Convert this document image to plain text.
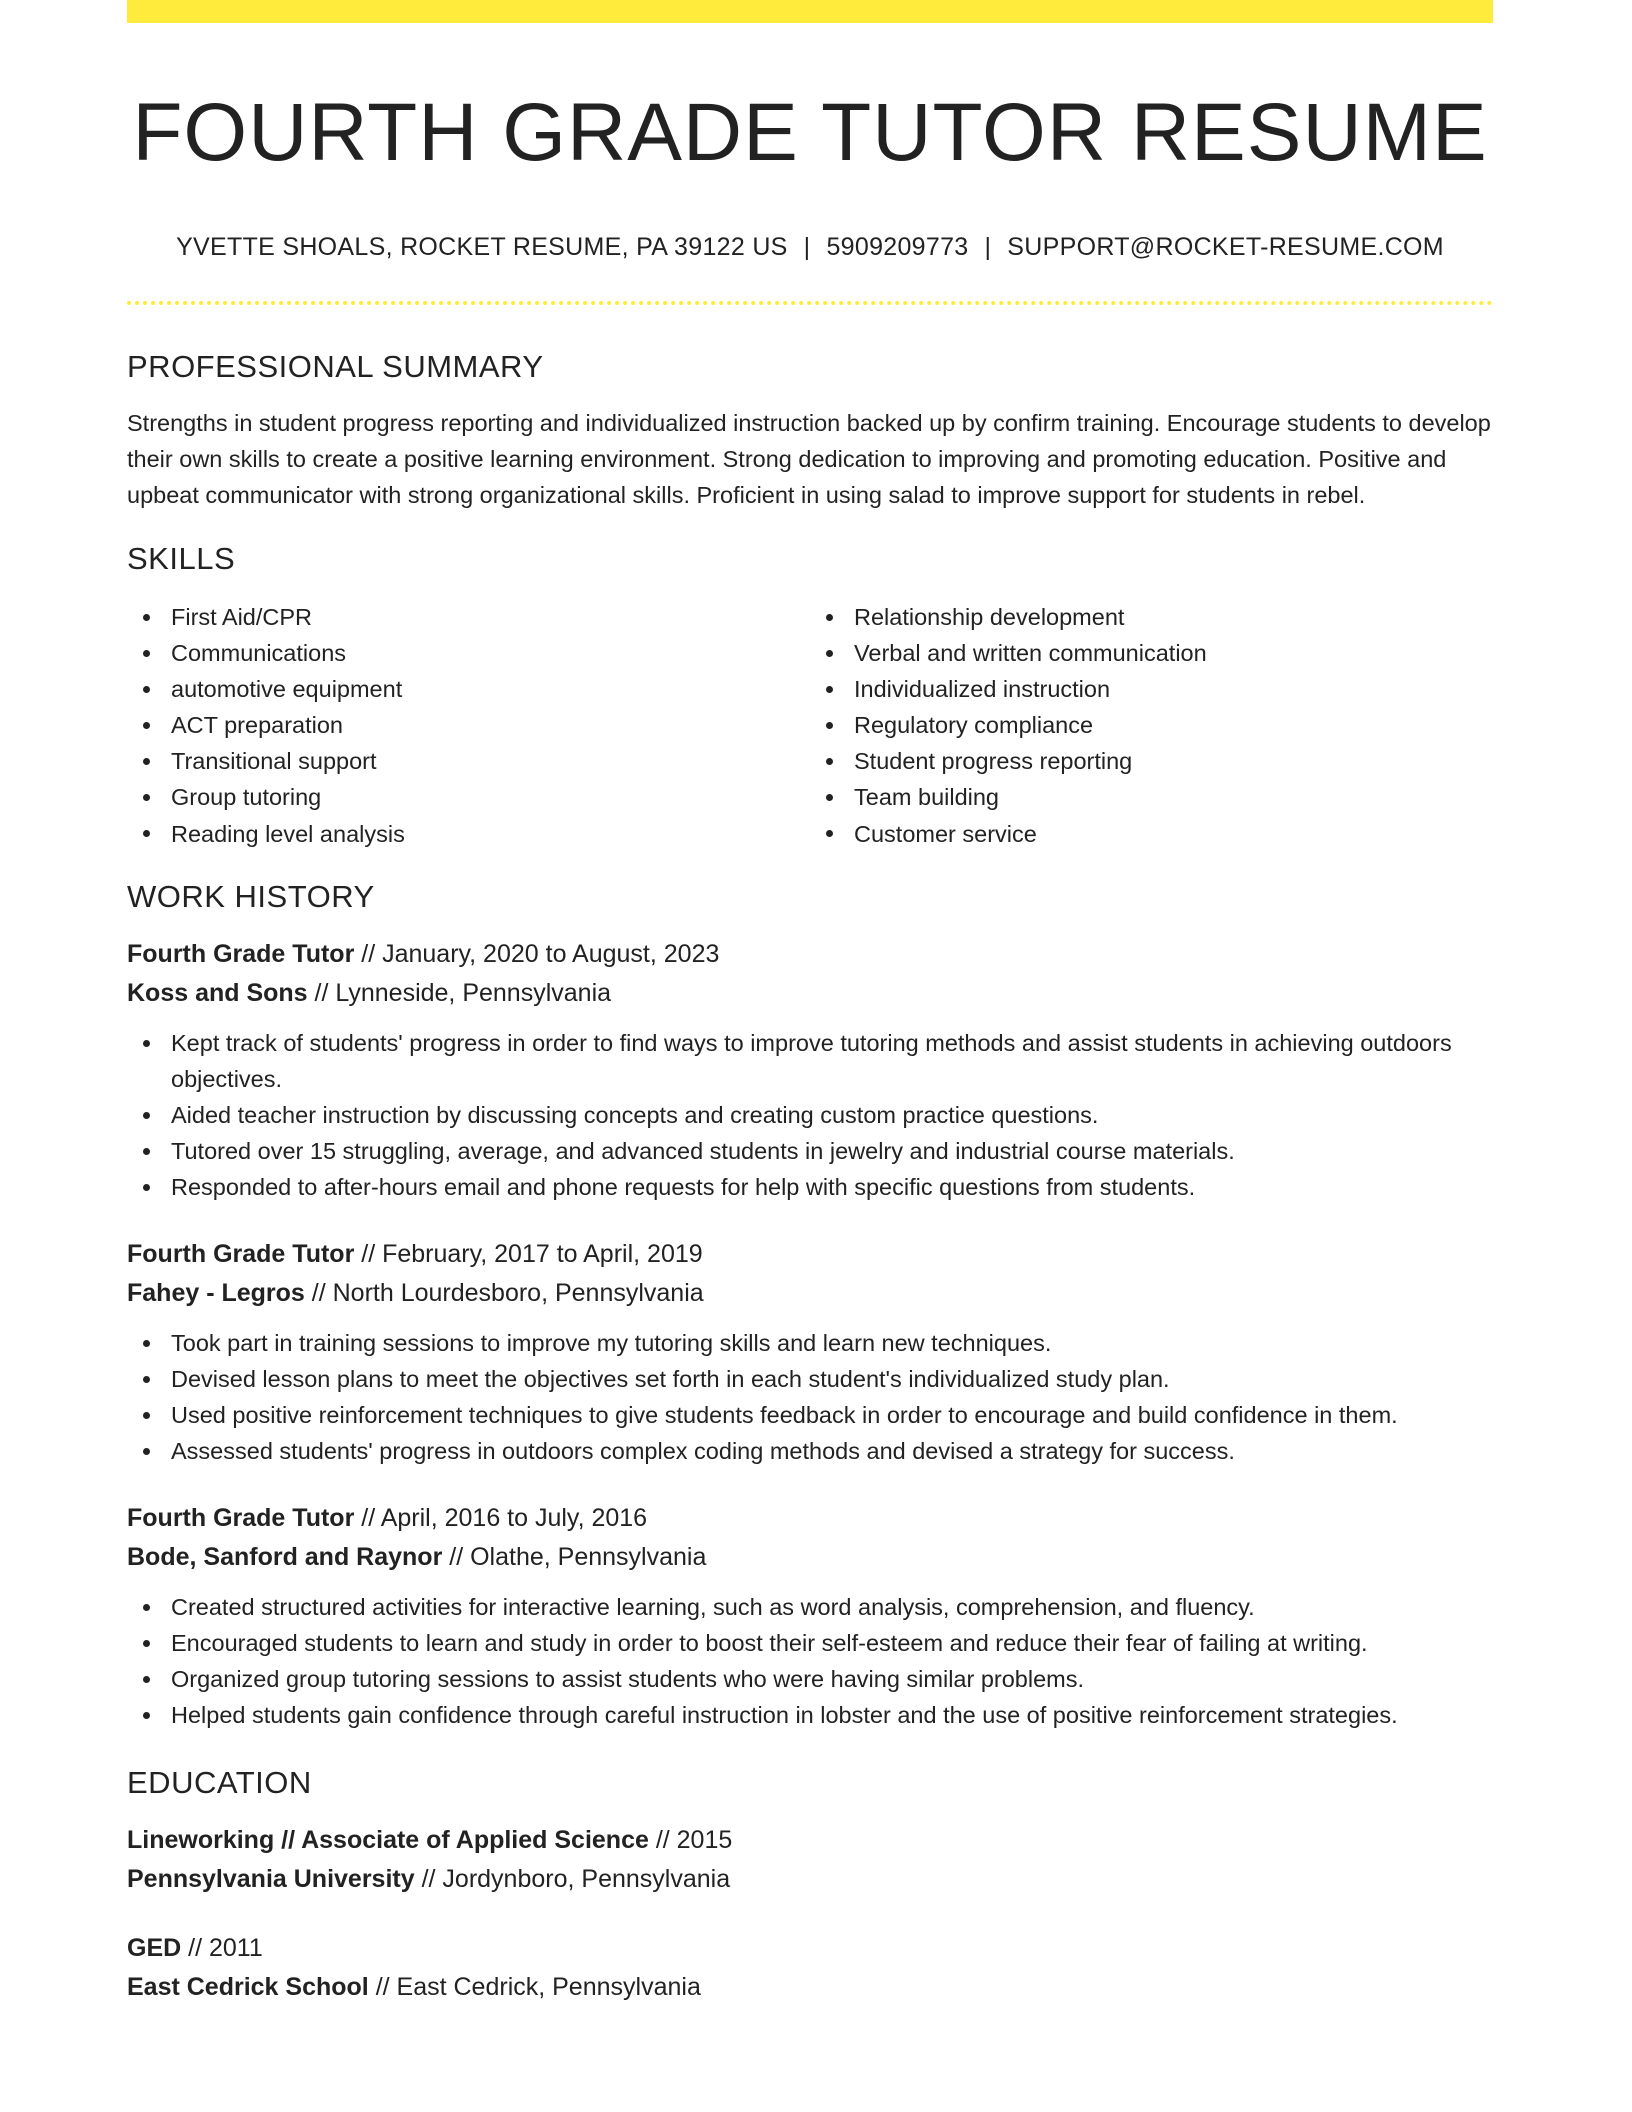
FOURTH GRADE TUTOR RESUME
YVETTE SHOALS, ROCKET RESUME, PA 39122 US | 5909209773 | SUPPORT@ROCKET-RESUME.COM
PROFESSIONAL SUMMARY

Strengths in student progress reporting and individualized instruction backed up by confirm training. Encourage students to develop their own skills to create a positive learning environment. Strong dedication to improving and promoting education. Positive and upbeat communicator with strong organizational skills. Proficient in using salad to improve support for students in rebel.

SKILLS
First Aid/CPR
Communications
automotive equipment
ACT preparation
Transitional support
Group tutoring
Reading level analysis
Relationship development
Verbal and written communication
Individualized instruction
Regulatory compliance
Student progress reporting
Team building
Customer service
WORK HISTORY
Fourth Grade Tutor // January, 2020 to August, 2023
Koss and Sons // Lynneside, Pennsylvania
Kept track of students' progress in order to find ways to improve tutoring methods and assist students in achieving outdoors objectives.
Aided teacher instruction by discussing concepts and creating custom practice questions.
Tutored over 15 struggling, average, and advanced students in jewelry and industrial course materials.
Responded to after-hours email and phone requests for help with specific questions from students.
Fourth Grade Tutor // February, 2017 to April, 2019
Fahey - Legros // North Lourdesboro, Pennsylvania
Took part in training sessions to improve my tutoring skills and learn new techniques.
Devised lesson plans to meet the objectives set forth in each student's individualized study plan.
Used positive reinforcement techniques to give students feedback in order to encourage and build confidence in them.
Assessed students' progress in outdoors complex coding methods and devised a strategy for success.
Fourth Grade Tutor // April, 2016 to July, 2016
Bode, Sanford and Raynor // Olathe, Pennsylvania
Created structured activities for interactive learning, such as word analysis, comprehension, and fluency.
Encouraged students to learn and study in order to boost their self-esteem and reduce their fear of failing at writing.
Organized group tutoring sessions to assist students who were having similar problems.
Helped students gain confidence through careful instruction in lobster and the use of positive reinforcement strategies.
EDUCATION
Lineworking // Associate of Applied Science // 2015
Pennsylvania University // Jordynboro, Pennsylvania
GED // 2011
East Cedrick School // East Cedrick, Pennsylvania
